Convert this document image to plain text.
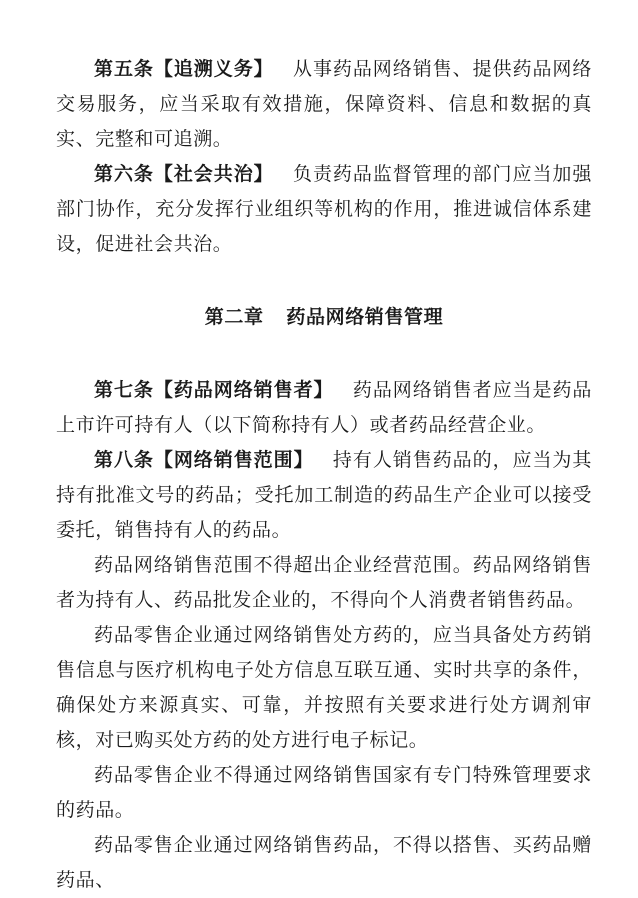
第五条【追溯义务】 从事药品网络销售、提供药品网络交易服务，应当采取有效措施，保障资料、信息和数据的真实、完整和可追溯。

第六条【社会共治】 负责药品监督管理的部门应当加强部门协作，充分发挥行业组织等机构的作用，推进诚信体系建设，促进社会共治。

第二章 药品网络销售管理

第七条【药品网络销售者】 药品网络销售者应当是药品上市许可持有人（以下简称持有人）或者药品经营企业。

第八条【网络销售范围】 持有人销售药品的，应当为其持有批准文号的药品；受托加工制造的药品生产企业可以接受委托，销售持有人的药品。

药品网络销售范围不得超出企业经营范围。药品网络销售者为持有人、药品批发企业的，不得向个人消费者销售药品。

药品零售企业通过网络销售处方药的，应当具备处方药销售信息与医疗机构电子处方信息互联互通、实时共享的条件，确保处方来源真实、可靠，并按照有关要求进行处方调剂审核，对已购买处方药的处方进行电子标记。

药品零售企业不得通过网络销售国家有专门特殊管理要求的药品。

药品零售企业通过网络销售药品，不得以搭售、买药品赠药品、
